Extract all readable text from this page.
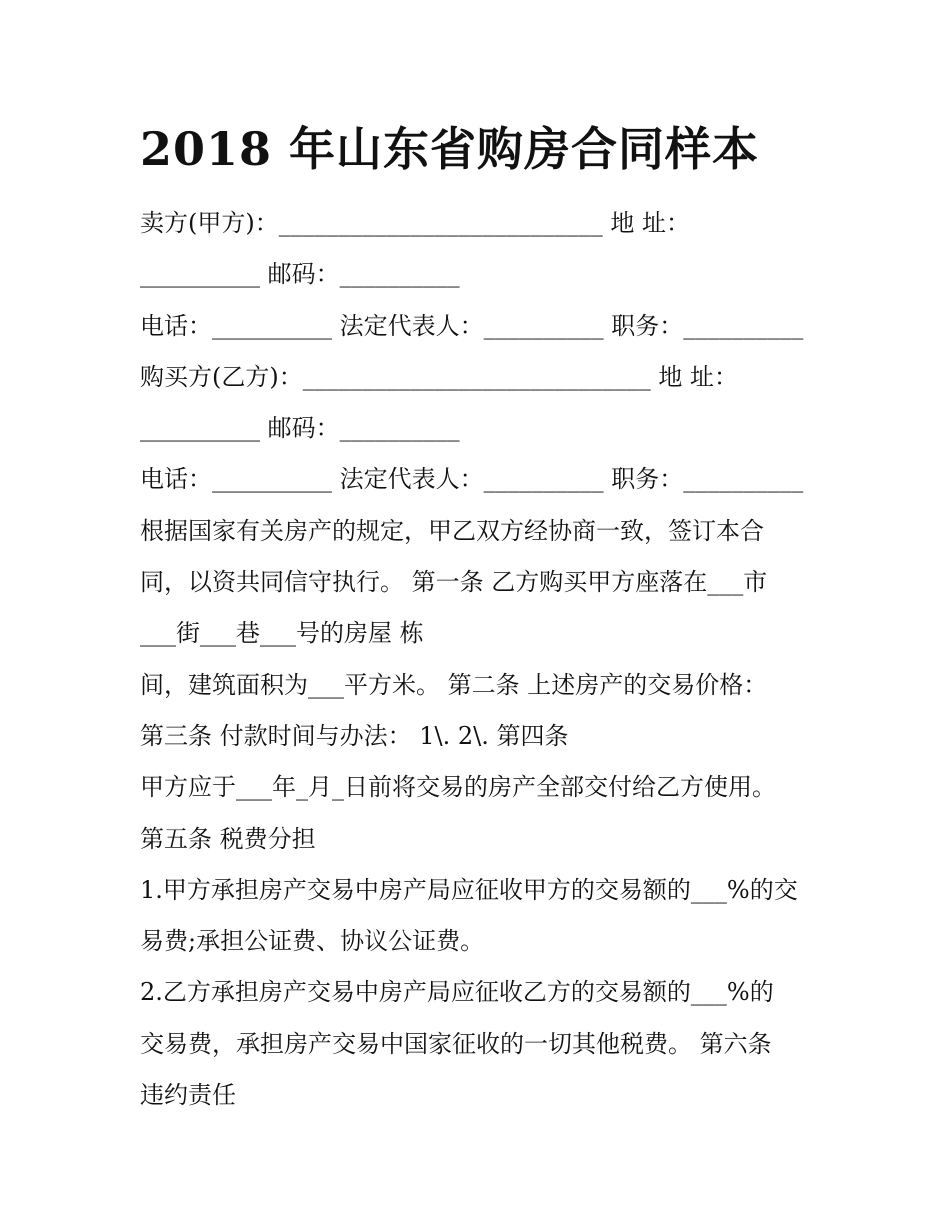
2018 年山东省购房合同样本
卖方(甲方)：___________________________ 地 址：
__________ 邮码：__________
电话：__________ 法定代表人：__________ 职务：__________
购买方(乙方)：_____________________________ 地 址：
__________ 邮码：__________
电话：__________ 法定代表人：__________ 职务：__________
根据国家有关房产的规定，甲乙双方经协商一致，签订本合
同，以资共同信守执行。 第一条 乙方购买甲方座落在___市
___街___巷___号的房屋 栋
间，建筑面积为___平方米。 第二条 上述房产的交易价格：
第三条 付款时间与办法： 1\. 2\. 第四条
甲方应于___年_月_日前将交易的房产全部交付给乙方使用。
第五条 税费分担
1.甲方承担房产交易中房产局应征收甲方的交易额的___%的交
易费;承担公证费、协议公证费。
2.乙方承担房产交易中房产局应征收乙方的交易额的___%的
交易费，承担房产交易中国家征收的一切其他税费。 第六条
违约责任
